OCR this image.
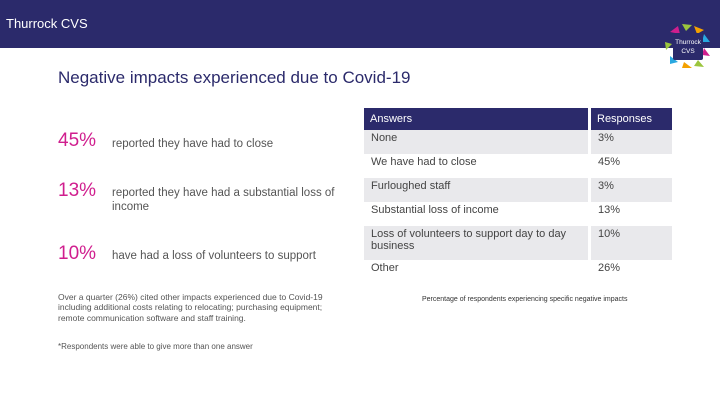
Thurrock CVS
Thurrock
CVS
Negative impacts experienced due to Covid-19
45% reported they have had to close
13% reported they have had a substantial loss of income
10% have had a loss of volunteers to support
Over a quarter (26%) cited other impacts experienced due to Covid-19 including additional costs relating to relocating; purchasing equipment; remote communication software and staff training.
*Respondents were able to give more than one answer
Answers	Responses
None	3%
We have had to close	45%
Furloughed staff	3%
Substantial loss of income	13%
Loss of volunteers to support day to day business	10%
Other	26%
Percentage of respondents experiencing specific negative impacts
